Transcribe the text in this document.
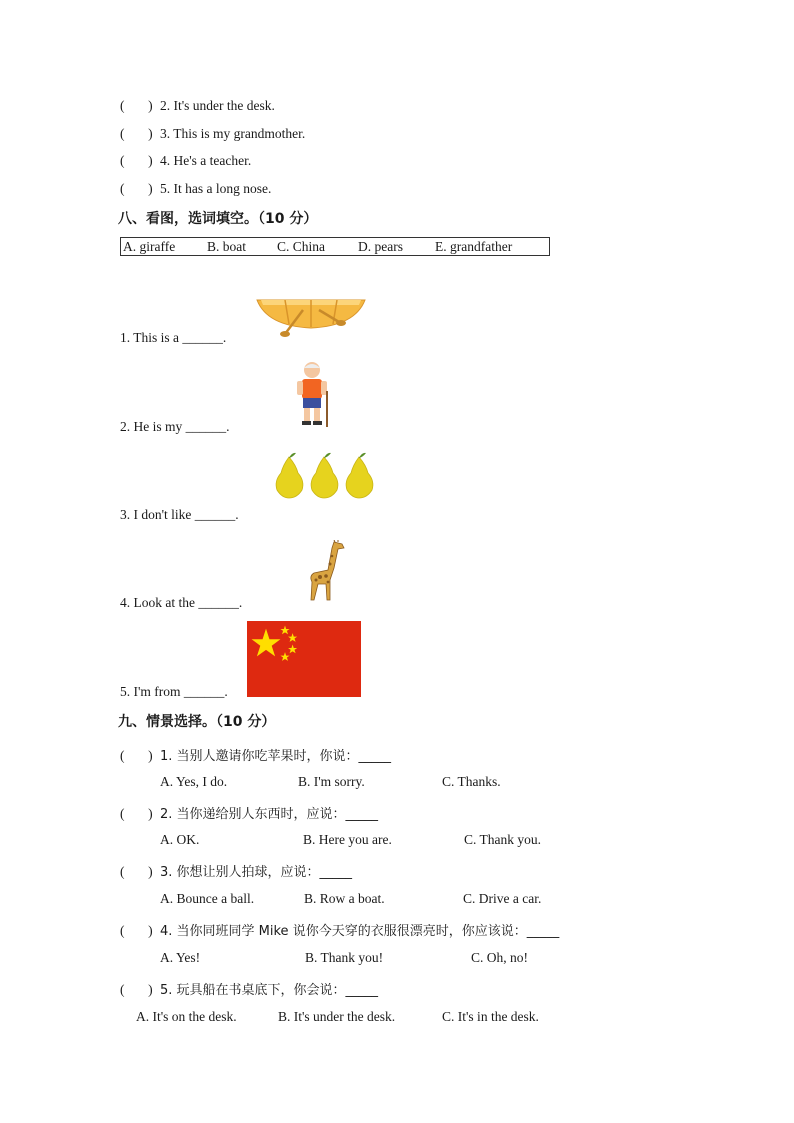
( ) 2. It's under the desk.
( ) 3. This is my grandmother.
( ) 4. He's a teacher.
( ) 5. It has a long nose.
八、看图，选词填空。（10 分）
A. giraffe B. boat C. China D. pears E. grandfather
1. This is a ______.
2. He is my ______.
3. I don't like ______.
4. Look at the ______.
5. I'm from ______.
九、情景选择。（10 分）
(       ) 1. 当别人邀请你吃苹果时，你说：_____
A. Yes, I do.	B. I'm sorry.	C. Thanks.
(       ) 2. 当你递给别人东西时，应说：_____
A. OK.	B. Here you are.	C. Thank you.
(       ) 3. 你想让别人拍球，应说：_____
A. Bounce a ball.	B. Row a boat.	C. Drive a car.
(       ) 4. 当你同班同学 Mike 说你今天穿的衣服很漂亮时，你应该说：_____
A. Yes!	B. Thank you!	C. Oh, no!
(       ) 5. 玩具船在书桌底下，你会说：_____
A. It's on the desk.	B. It's under the desk.	C. It's in the desk.
